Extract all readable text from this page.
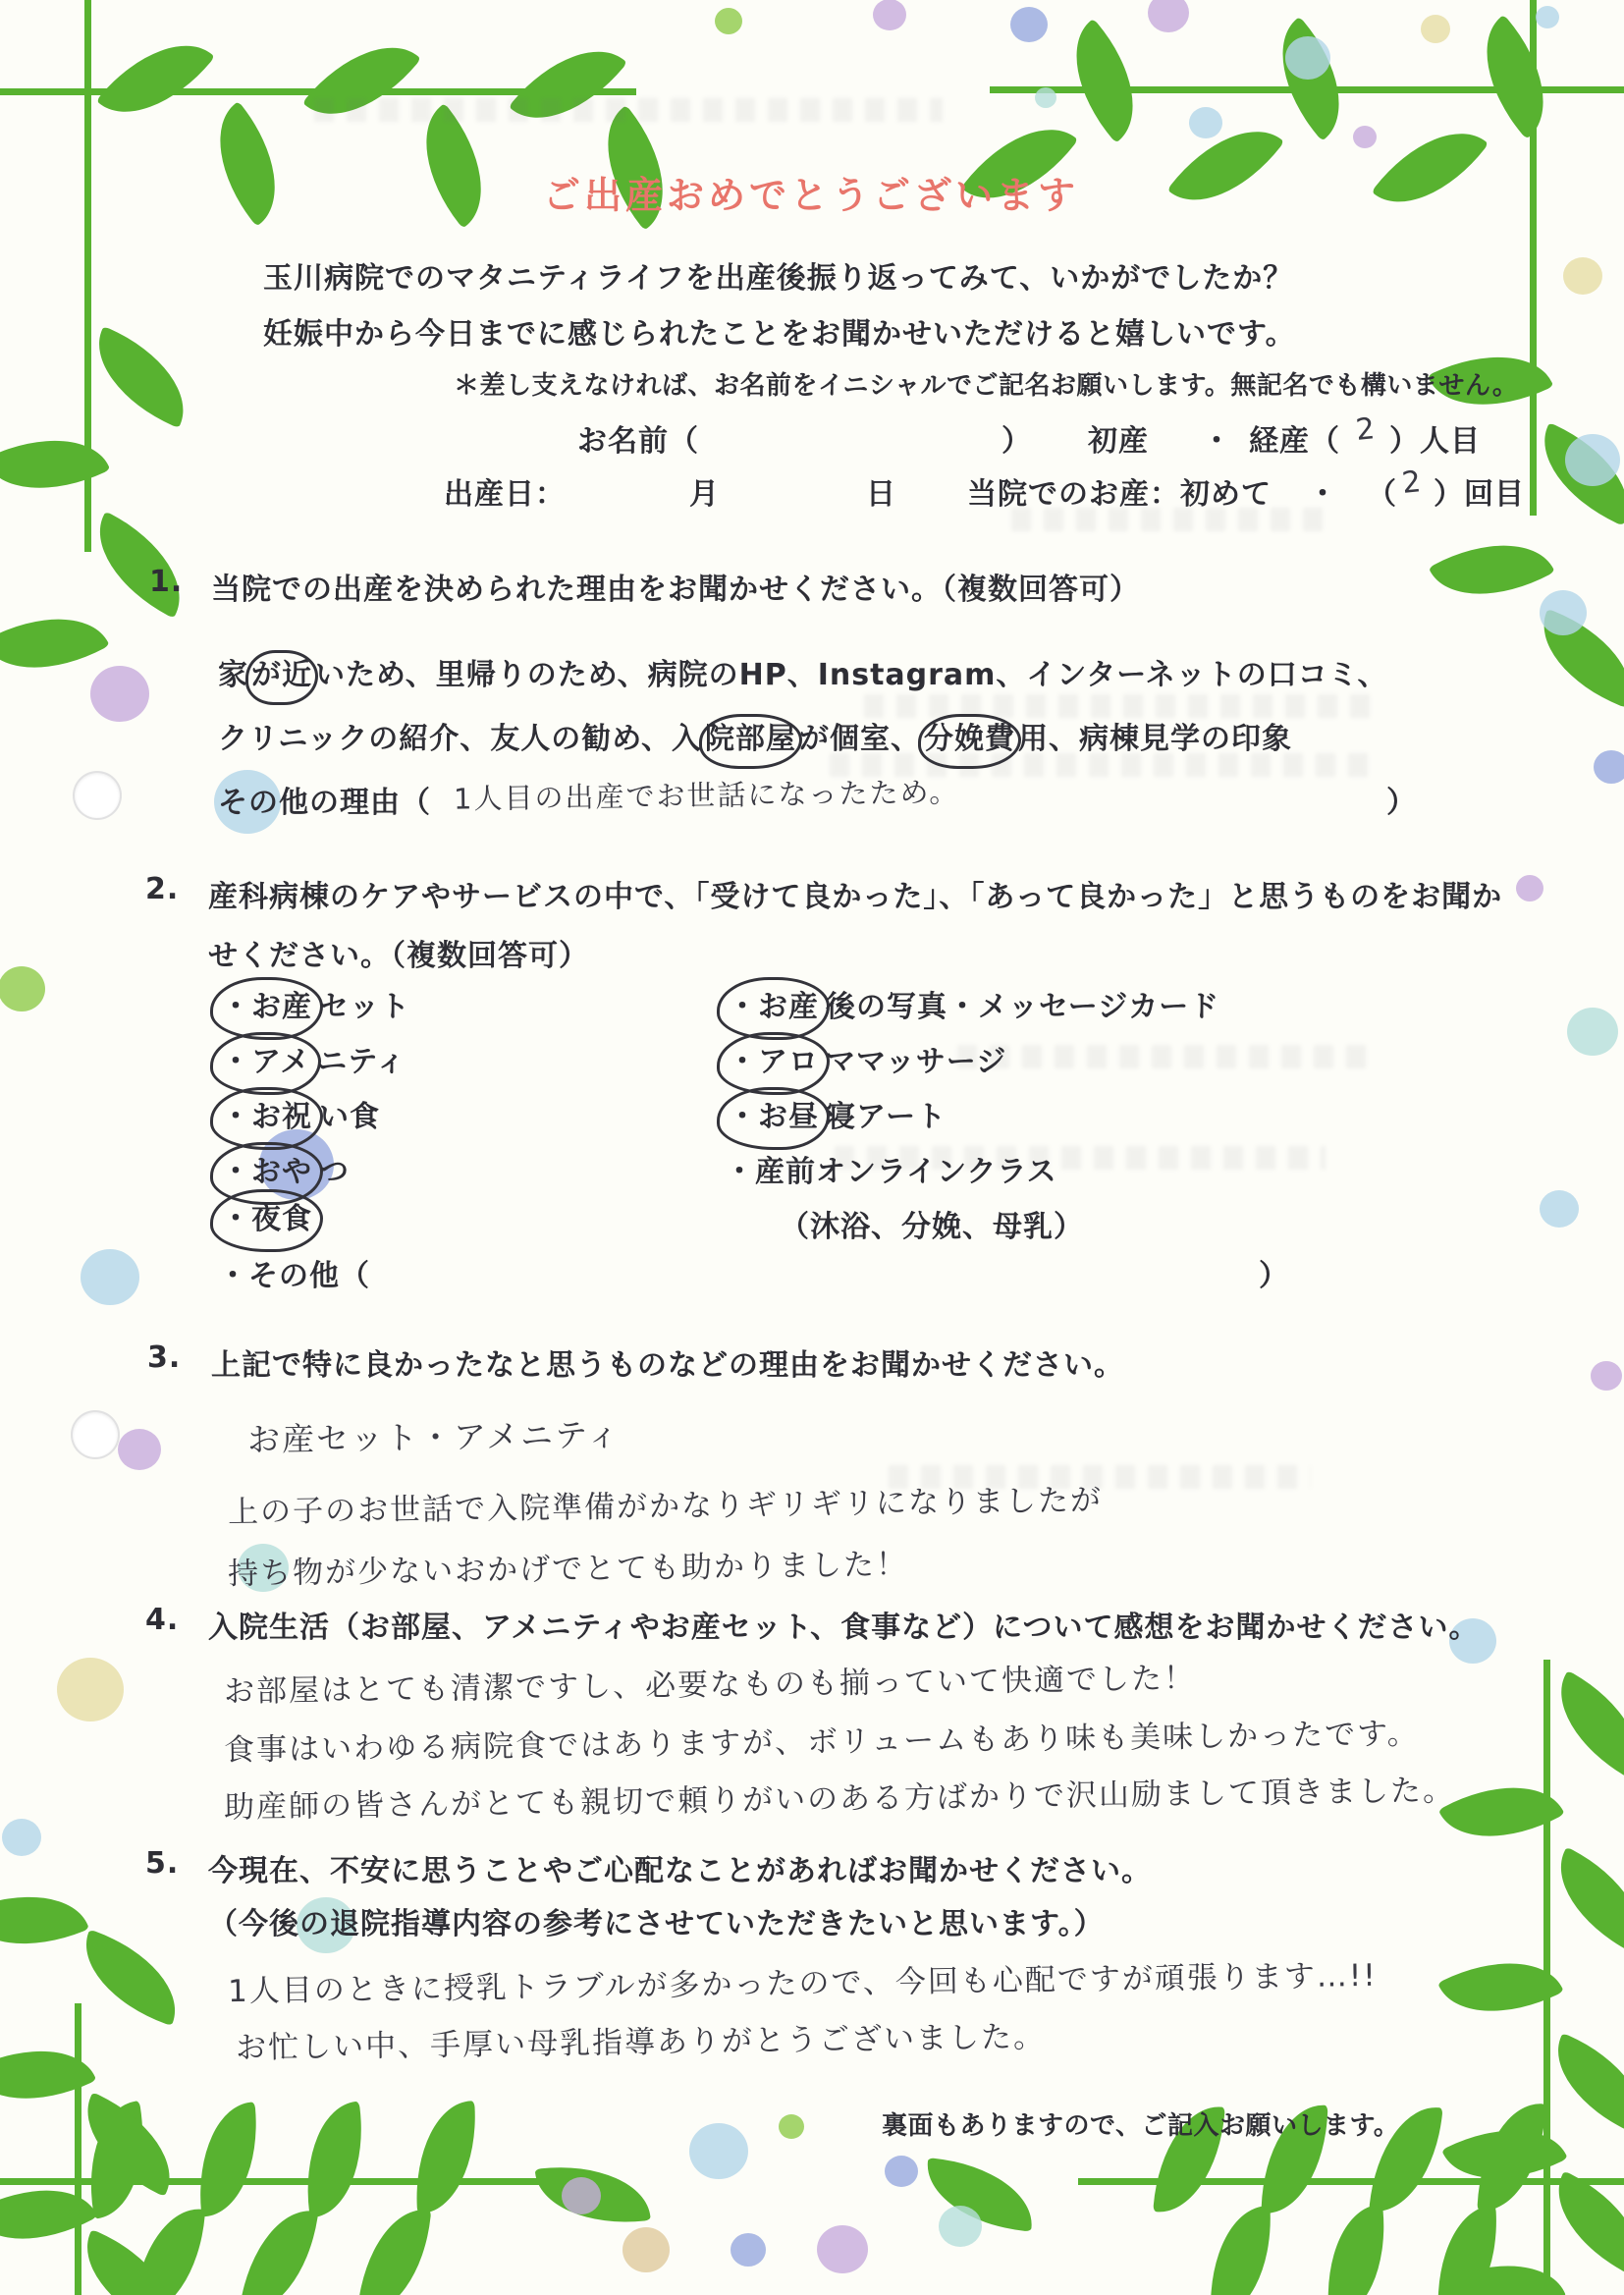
ご出産おめでとうございます
玉川病院でのマタニティライフを出産後振り返ってみて、いかがでしたか？
妊娠中から今日までに感じられたことをお聞かせいただけると嬉しいです。
＊差し支えなければ、お名前をイニシャルでご記名お願いします。無記名でも構いません。
お名前（	） 初産 ・ 経産（ 2 ）人目
出産日：	月	日 当院でのお産：初めて ・ （ 2 ）回目
1. 当院での出産を決められた理由をお聞かせください。（複数回答可）
家 が近 いため、里帰りのため、病院のHP、Instagram、インターネットの口コミ、
クリニックの紹介、友人の勧め、入 院部屋 が個室、 分娩費 用、病棟見学の印象
その他の理由（ 1人目の出産でお世話になったため。	）
2. 産科病棟のケアやサービスの中で、「受けて良かった」、「あって良かった」と思うものをお聞か
せください。（複数回答可）
・お産 セット
・アメ ニティ
・お祝 い食
・おや つ
・夜食
・その他（
・お産 後の写真・メッセージカード
・アロ ママッサージ
・お昼 寝アート
・産前オンラインクラス
（沐浴、分娩、母乳）
）
3. 上記で特に良かったなと思うものなどの理由をお聞かせください。
お産セット・アメニティ
上の子のお世話で入院準備がかなりギリギリになりましたが
持ち物が少ないおかげでとても助かりました！
4. 入院生活（お部屋、アメニティやお産セット、食事など）について感想をお聞かせください。
お部屋はとても清潔ですし、必要なものも揃っていて快適でした！
食事はいわゆる病院食ではありますが、ボリュームもあり味も美味しかったです。
助産師の皆さんがとても親切で頼りがいのある方ばかりで沢山励まして頂きました。
5. 今現在、不安に思うことやご心配なことがあればお聞かせください。
（今後の退院指導内容の参考にさせていただきたいと思います。）
1人目のときに授乳トラブルが多かったので、今回も心配ですが頑張ります…!!
お忙しい中、手厚い母乳指導ありがとうございました。
裏面もありますので、ご記入お願いします。
